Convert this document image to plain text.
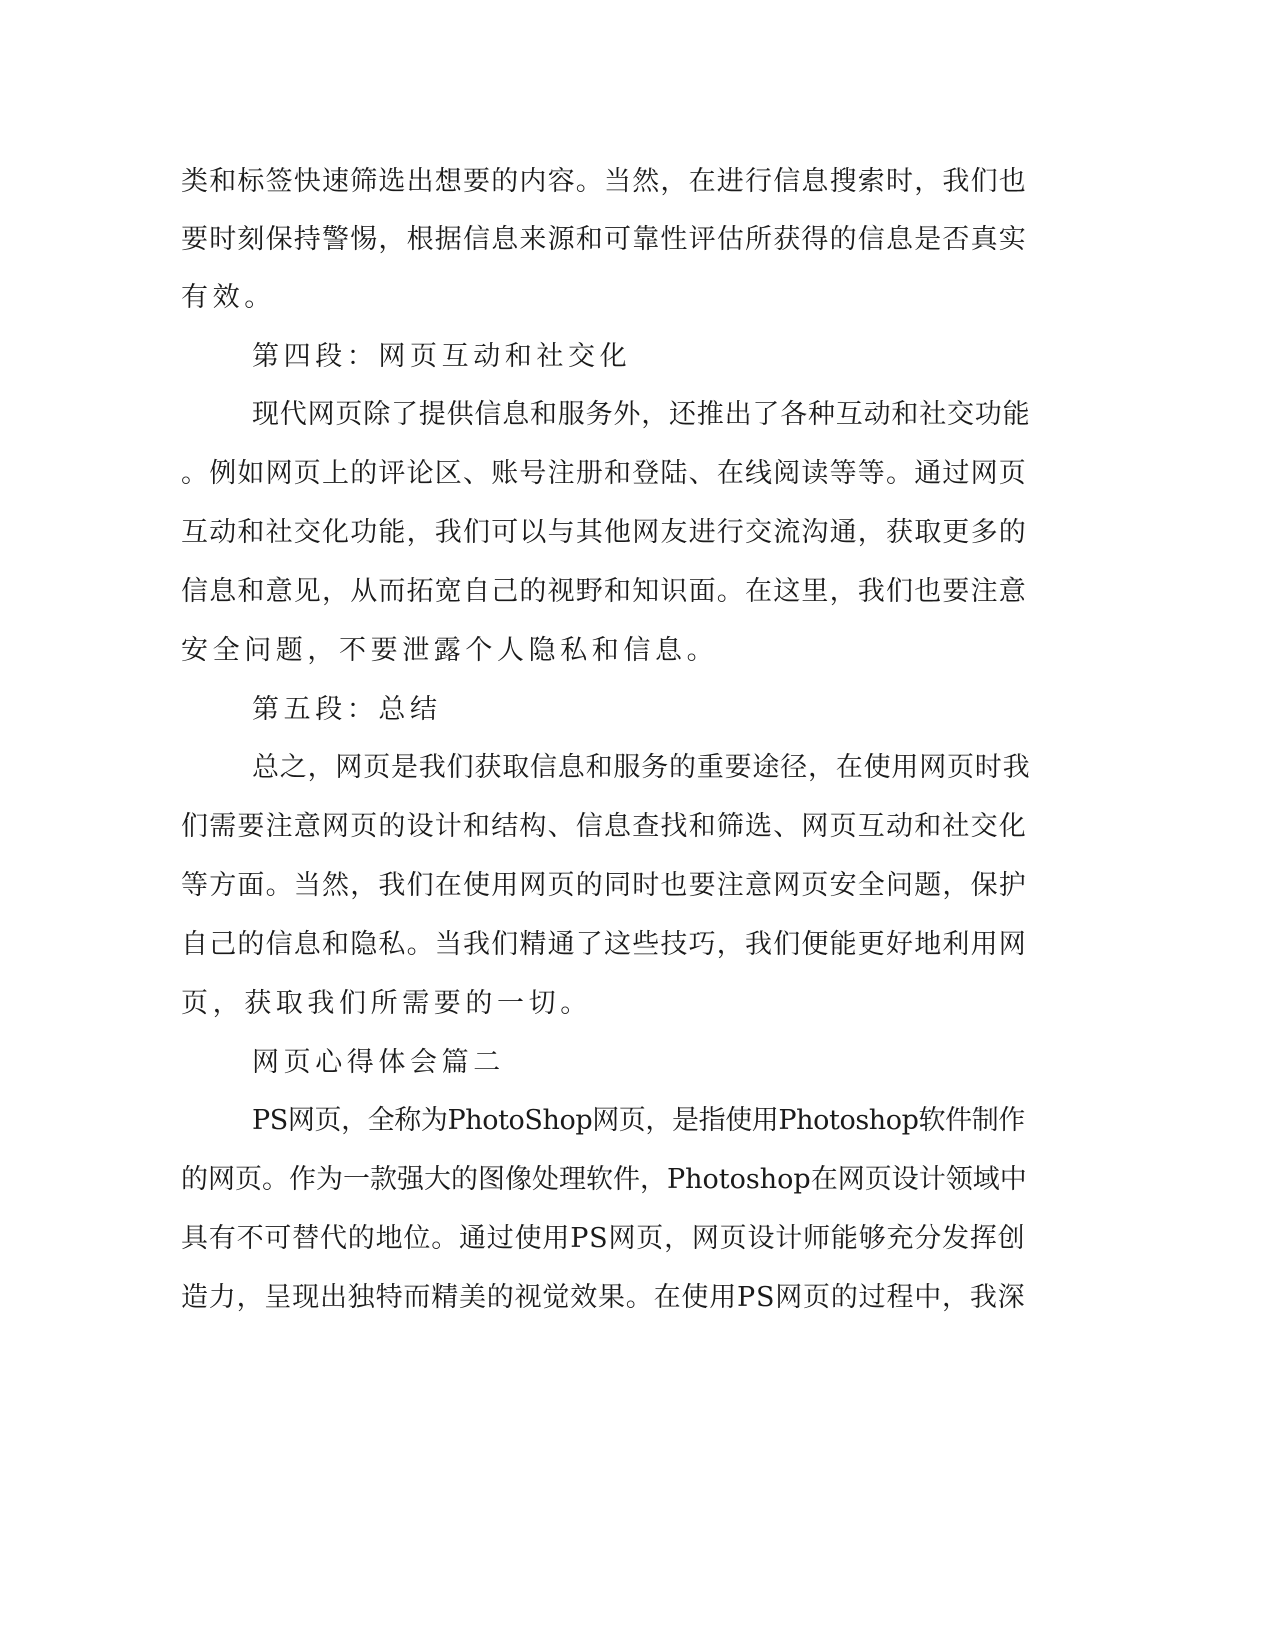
类和标签快速筛选出想要的内容。当然，在进行信息搜索时，我们也

要时刻保持警惕，根据信息来源和可靠性评估所获得的信息是否真实

有效。

第四段：网页互动和社交化

现代网页除了提供信息和服务外，还推出了各种互动和社交功能

。例如网页上的评论区、账号注册和登陆、在线阅读等等。通过网页

互动和社交化功能，我们可以与其他网友进行交流沟通，获取更多的

信息和意见，从而拓宽自己的视野和知识面。在这里，我们也要注意

安全问题，不要泄露个人隐私和信息。

第五段：总结

总之，网页是我们获取信息和服务的重要途径，在使用网页时我

们需要注意网页的设计和结构、信息查找和筛选、网页互动和社交化

等方面。当然，我们在使用网页的同时也要注意网页安全问题，保护

自己的信息和隐私。当我们精通了这些技巧，我们便能更好地利用网

页，获取我们所需要的一切。

网页心得体会篇二

PS网页，全称为PhotoShop网页，是指使用Photoshop软件制作

的网页。作为一款强大的图像处理软件，Photoshop在网页设计领域中

具有不可替代的地位。通过使用PS网页，网页设计师能够充分发挥创

造力，呈现出独特而精美的视觉效果。在使用PS网页的过程中，我深
